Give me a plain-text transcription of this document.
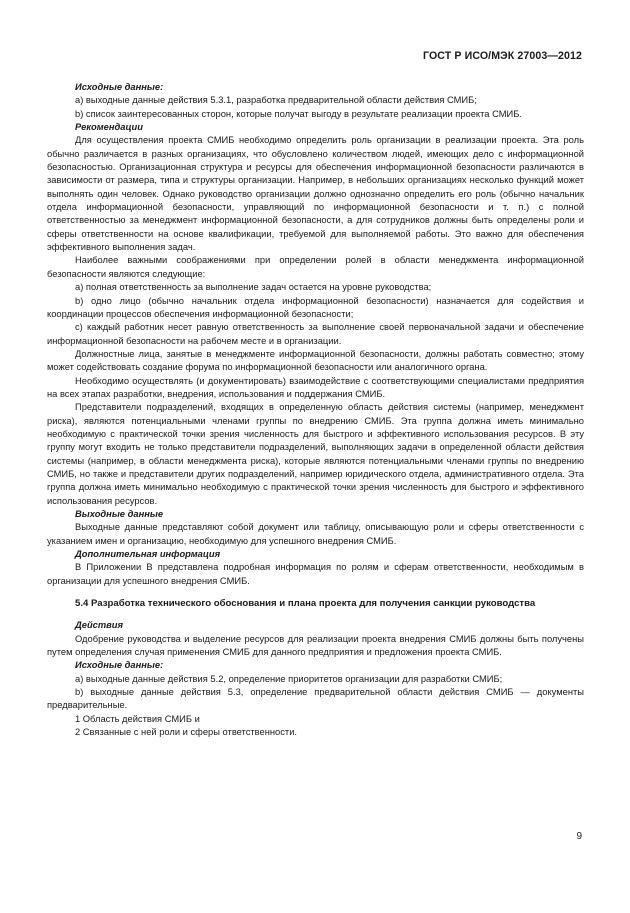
ГОСТ Р ИСО/МЭК 27003—2012

Исходные данные:

a) выходные данные действия 5.3.1, разработка предварительной области действия СМИБ;

b) список заинтересованных сторон, которые получат выгоду в результате реализации проекта СМИБ.

Рекомендации

Для осуществления проекта СМИБ необходимо определить роль организации в реализации проекта. Эта роль обычно различается в разных организациях, что обусловлено количеством людей, имеющих дело с информационной безопасностью. Организационная структура и ресурсы для обеспечения информационной безопасности различаются в зависимости от размера, типа и структуры организации. Например, в небольших организациях несколько функций может выполнять один человек. Однако руководство организации должно однозначно определить его роль (обычно начальник отдела информационной безопасности, управляющий по информационной безопасности и т. п.) с полной ответственностью за менеджмент информационной безопасности, а для сотрудников должны быть определены роли и сферы ответственности на основе квалификации, требуемой для выполняемой работы. Это важно для обеспечения эффективного выполнения задач.

Наиболее важными соображениями при определении ролей в области менеджмента информационной безопасности являются следующие:

a) полная ответственность за выполнение задач остается на уровне руководства;

b) одно лицо (обычно начальник отдела информационной безопасности) назначается для содействия и координации процессов обеспечения информационной безопасности;

c) каждый работник несет равную ответственность за выполнение своей первоначальной задачи и обеспечение информационной безопасности на рабочем месте и в организации.

Должностные лица, занятые в менеджменте информационной безопасности, должны работать совместно; этому может содействовать создание форума по информационной безопасности или аналогичного органа.

Необходимо осуществлять (и документировать) взаимодействие с соответствующими специалистами предприятия на всех этапах разработки, внедрения, использования и поддержания СМИБ.

Представители подразделений, входящих в определенную область действия системы (например, менеджмент риска), являются потенциальными членами группы по внедрению СМИБ. Эта группа должна иметь минимально необходимую с практической точки зрения численность для быстрого и эффективного использования ресурсов. В эту группу могут входить не только представители подразделений, выполняющих задачи в определенной области действия системы (например, в области менеджмента риска), которые являются потенциальными членами группы по внедрению СМИБ, но также и представители других подразделений, например юридического отдела, административного отдела. Эта группа должна иметь минимально необходимую с практической точки зрения численность для быстрого и эффективного использования ресурсов.

Выходные данные

Выходные данные представляют собой документ или таблицу, описывающую роли и сферы ответственности с указанием имен и организацию, необходимую для успешного внедрения СМИБ.

Дополнительная информация

В Приложении В представлена подробная информация по ролям и сферам ответственности, необходимым в организации для успешного внедрения СМИБ.

5.4 Разработка технического обоснования и плана проекта для получения санкции руководства

Действия

Одобрение руководства и выделение ресурсов для реализации проекта внедрения СМИБ должны быть получены путем определения случая применения СМИБ для данного предприятия и предложения проекта СМИБ.

Исходные данные:

a) выходные данные действия 5.2, определение приоритетов организации для разработки СМИБ;

b) выходные данные действия 5.3, определение предварительной области действия СМИБ — документы предварительные.

1 Область действия СМИБ и

2 Связанные с ней роли и сферы ответственности.

9
